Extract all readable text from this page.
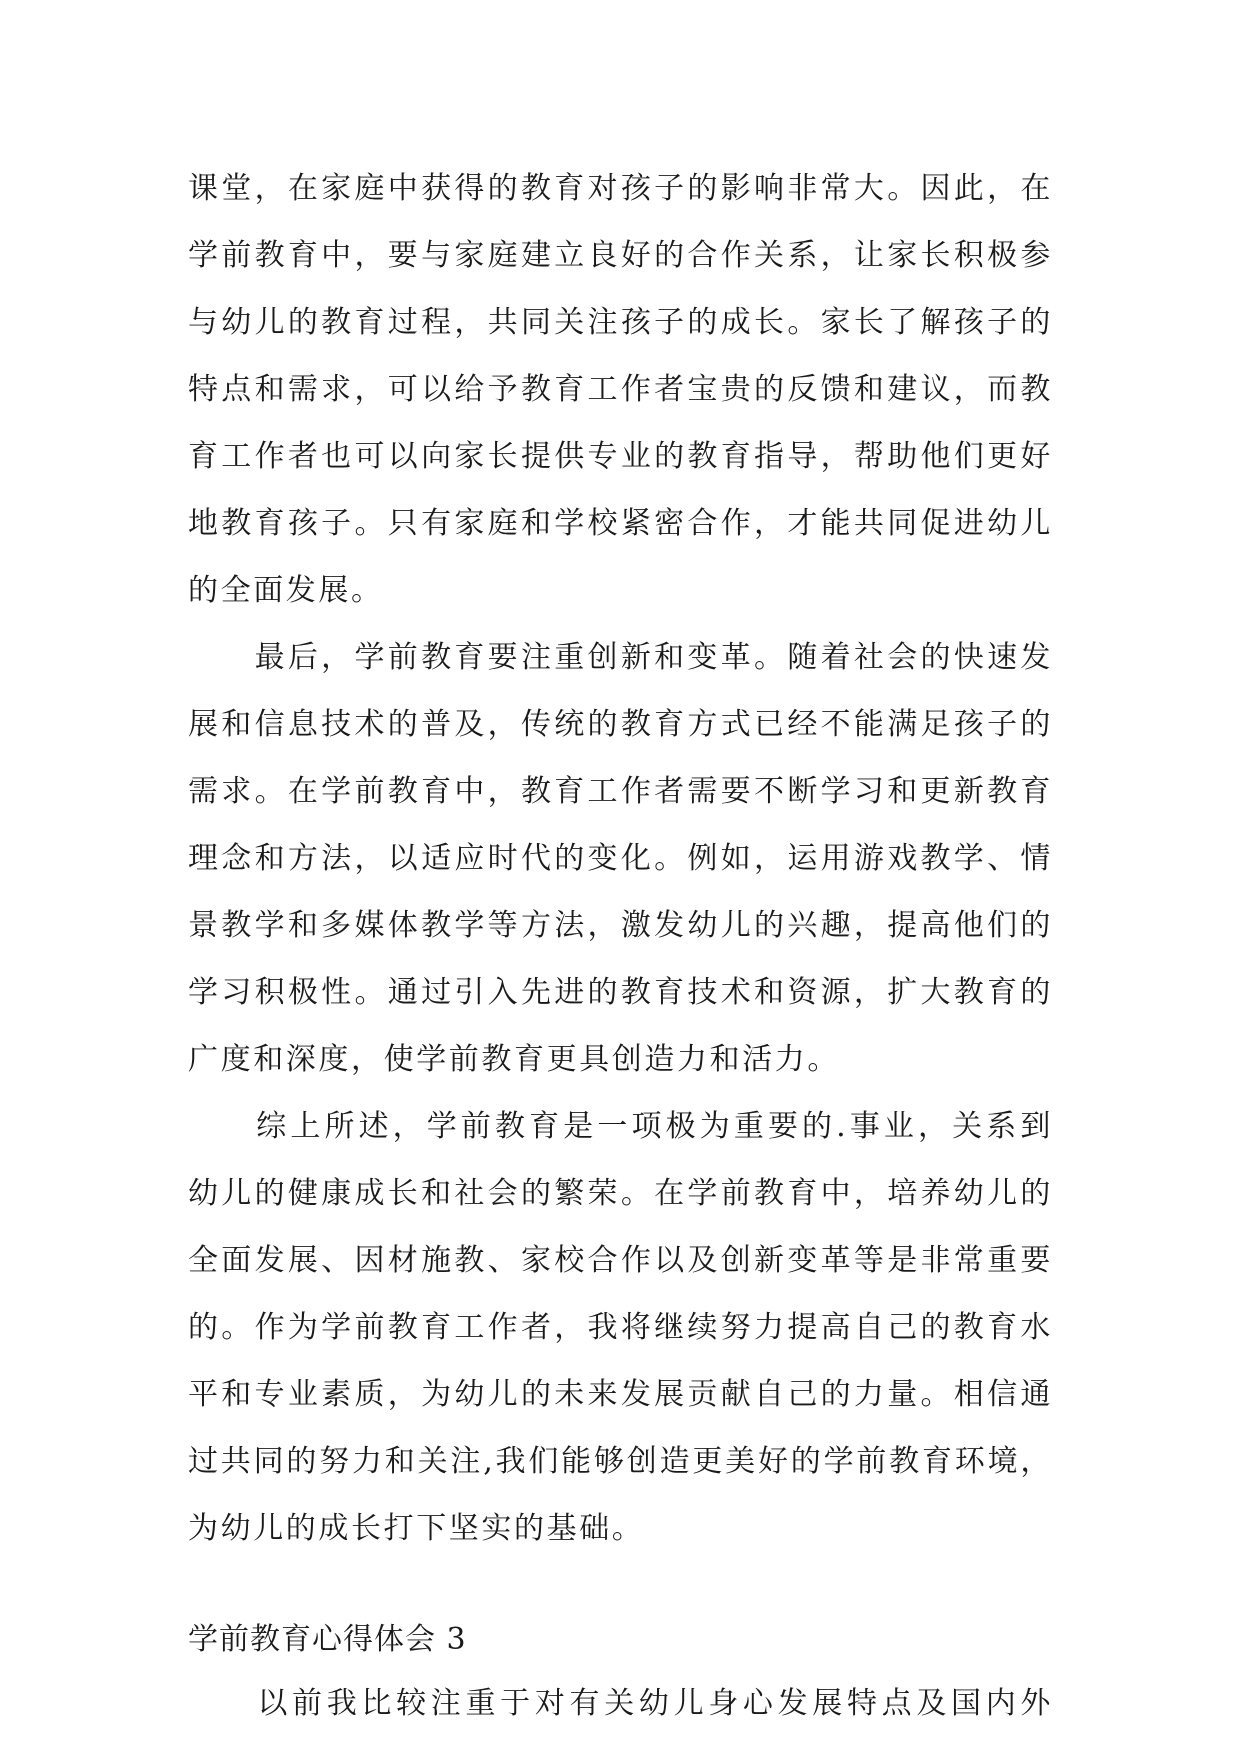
课堂，在家庭中获得的教育对孩子的影响非常大。因此，在
学前教育中，要与家庭建立良好的合作关系，让家长积极参
与幼儿的教育过程，共同关注孩子的成长。家长了解孩子的
特点和需求，可以给予教育工作者宝贵的反馈和建议，而教
育工作者也可以向家长提供专业的教育指导，帮助他们更好
地教育孩子。只有家庭和学校紧密合作，才能共同促进幼儿
的全面发展。
　　最后，学前教育要注重创新和变革。随着社会的快速发
展和信息技术的普及，传统的教育方式已经不能满足孩子的
需求。在学前教育中，教育工作者需要不断学习和更新教育
理念和方法，以适应时代的变化。例如，运用游戏教学、情
景教学和多媒体教学等方法，激发幼儿的兴趣，提高他们的
学习积极性。通过引入先进的教育技术和资源，扩大教育的
广度和深度，使学前教育更具创造力和活力。
　　综上所述，学前教育是一项极为重要的.事业，关系到
幼儿的健康成长和社会的繁荣。在学前教育中，培养幼儿的
全面发展、因材施教、家校合作以及创新变革等是非常重要
的。作为学前教育工作者，我将继续努力提高自己的教育水
平和专业素质，为幼儿的未来发展贡献自己的力量。相信通
过共同的努力和关注,我们能够创造更美好的学前教育环境，
为幼儿的成长打下坚实的基础。
学前教育心得体会 3
　　以前我比较注重于对有关幼儿身心发展特点及国内外
